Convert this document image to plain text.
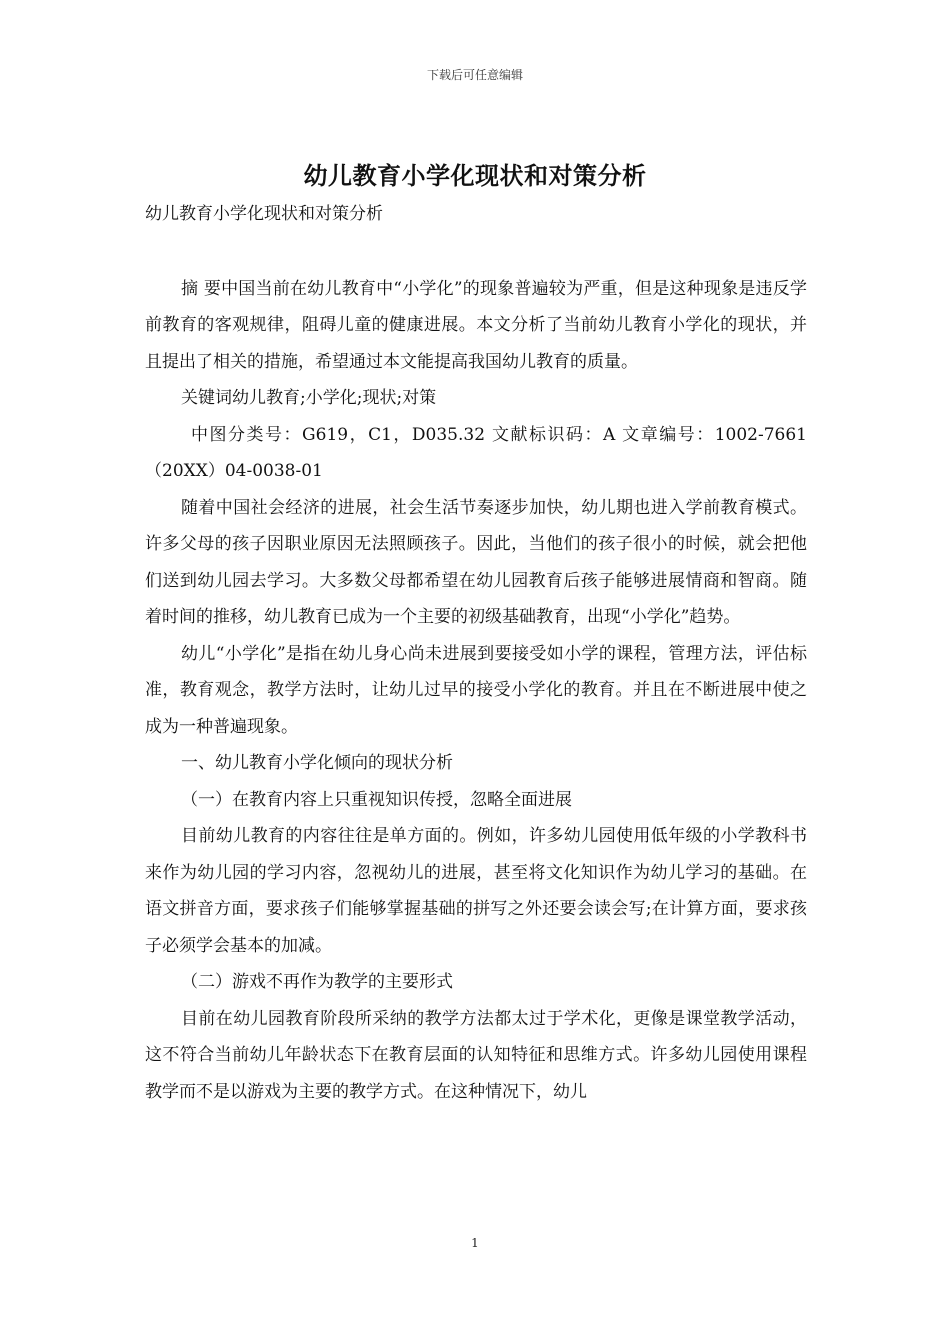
下载后可任意编辑
幼儿教育小学化现状和对策分析

幼儿教育小学化现状和对策分析

摘 要中国当前在幼儿教育中“小学化”的现象普遍较为严重，但是这种现象是违反学前教育的客观规律，阻碍儿童的健康进展。本文分析了当前幼儿教育小学化的现状，并且提出了相关的措施，希望通过本文能提高我国幼儿教育的质量。

关键词幼儿教育;小学化;现状;对策

中图分类号：G619，C1，D035.32 文献标识码：A 文章编号：1002-7661（20XX）04-0038-01

随着中国社会经济的进展，社会生活节奏逐步加快，幼儿期也进入学前教育模式。许多父母的孩子因职业原因无法照顾孩子。因此，当他们的孩子很小的时候，就会把他们送到幼儿园去学习。大多数父母都希望在幼儿园教育后孩子能够进展情商和智商。随着时间的推移，幼儿教育已成为一个主要的初级基础教育，出现“小学化”趋势。

幼儿“小学化”是指在幼儿身心尚未进展到要接受如小学的课程，管理方法，评估标准，教育观念，教学方法时，让幼儿过早的接受小学化的教育。并且在不断进展中使之成为一种普遍现象。

一、幼儿教育小学化倾向的现状分析

（一）在教育内容上只重视知识传授，忽略全面进展

目前幼儿教育的内容往往是单方面的。例如，许多幼儿园使用低年级的小学教科书来作为幼儿园的学习内容，忽视幼儿的进展，甚至将文化知识作为幼儿学习的基础。在语文拼音方面，要求孩子们能够掌握基础的拼写之外还要会读会写;在计算方面，要求孩子必须学会基本的加减。

（二）游戏不再作为教学的主要形式

目前在幼儿园教育阶段所采纳的教学方法都太过于学术化，更像是课堂教学活动，这不符合当前幼儿年龄状态下在教育层面的认知特征和思维方式。许多幼儿园使用课程教学而不是以游戏为主要的教学方式。在这种情况下，幼儿

1
